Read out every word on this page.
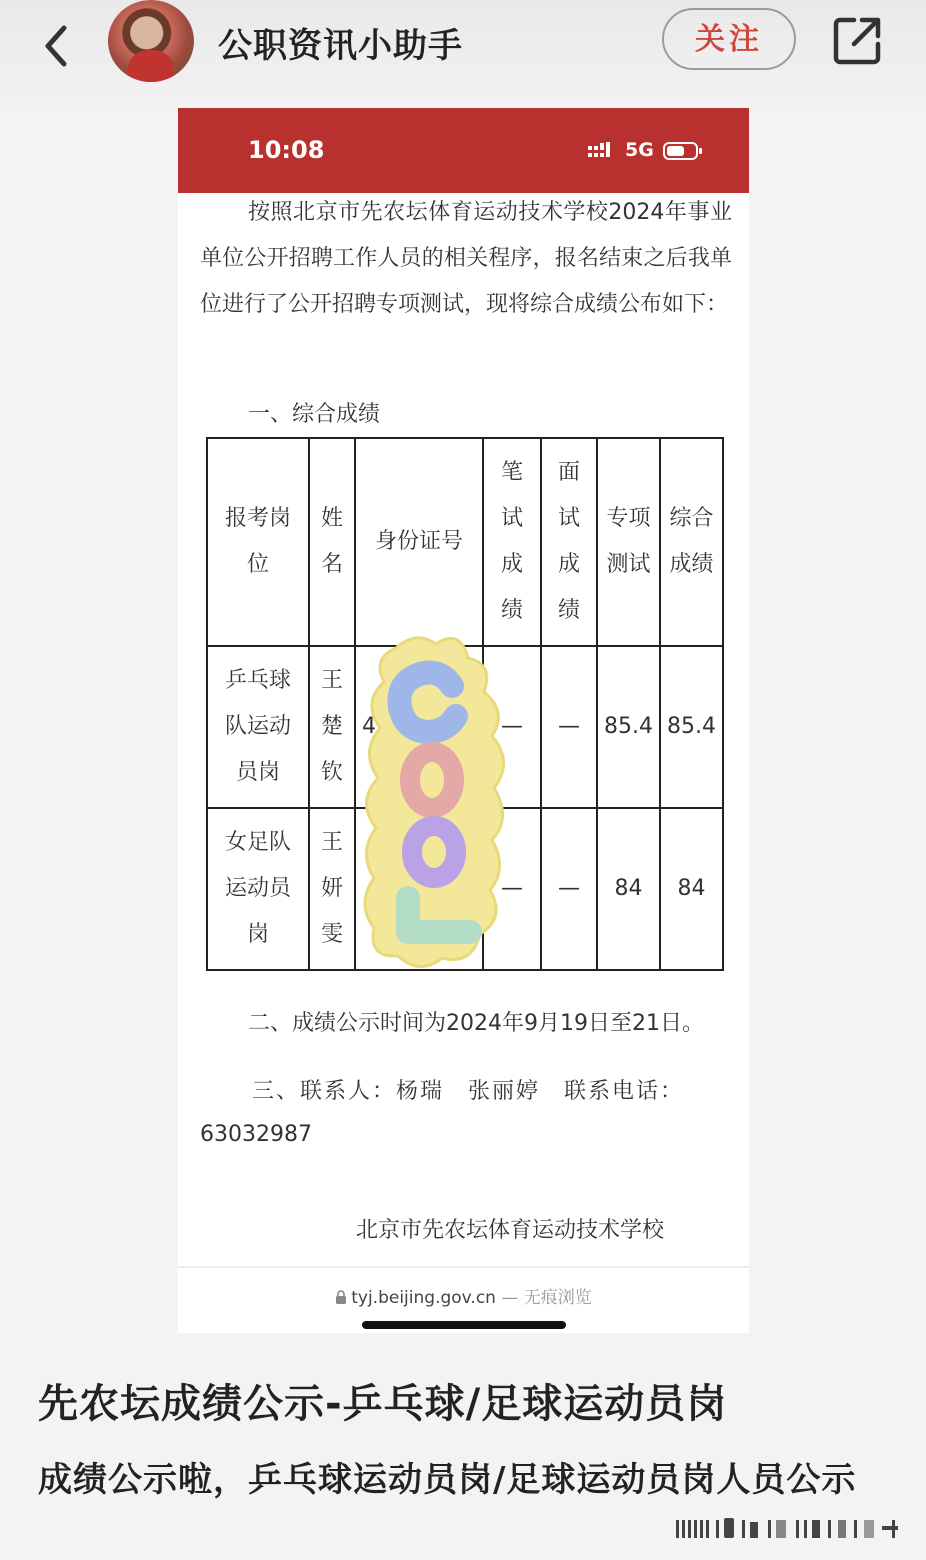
公职资讯小助手	关注
10:08	5G
按照北京市先农坛体育运动技术学校2024年事业单位公开招聘工作人员的相关程序，报名结束之后我单位进行了公开招聘专项测试，现将综合成绩公布如下：
一、综合成绩
报考岗位	姓名	身份证号	笔试成绩	面试成绩	专项测试	综合成绩

乒乓球队运动员岗	王楚钦	4	—	—	85.4	85.4

女足队运动员岗	王妍雯		—	—	84	84
二、成绩公示时间为2024年9月19日至21日。
三、联系人：杨瑞　张丽婷　联系电话：
63032987
北京市先农坛体育运动技术学校
tyj.beijing.gov.cn — 无痕浏览
先农坛成绩公示-乒乓球/足球运动员岗
成绩公示啦，乒乓球运动员岗/足球运动员岗人员公示
